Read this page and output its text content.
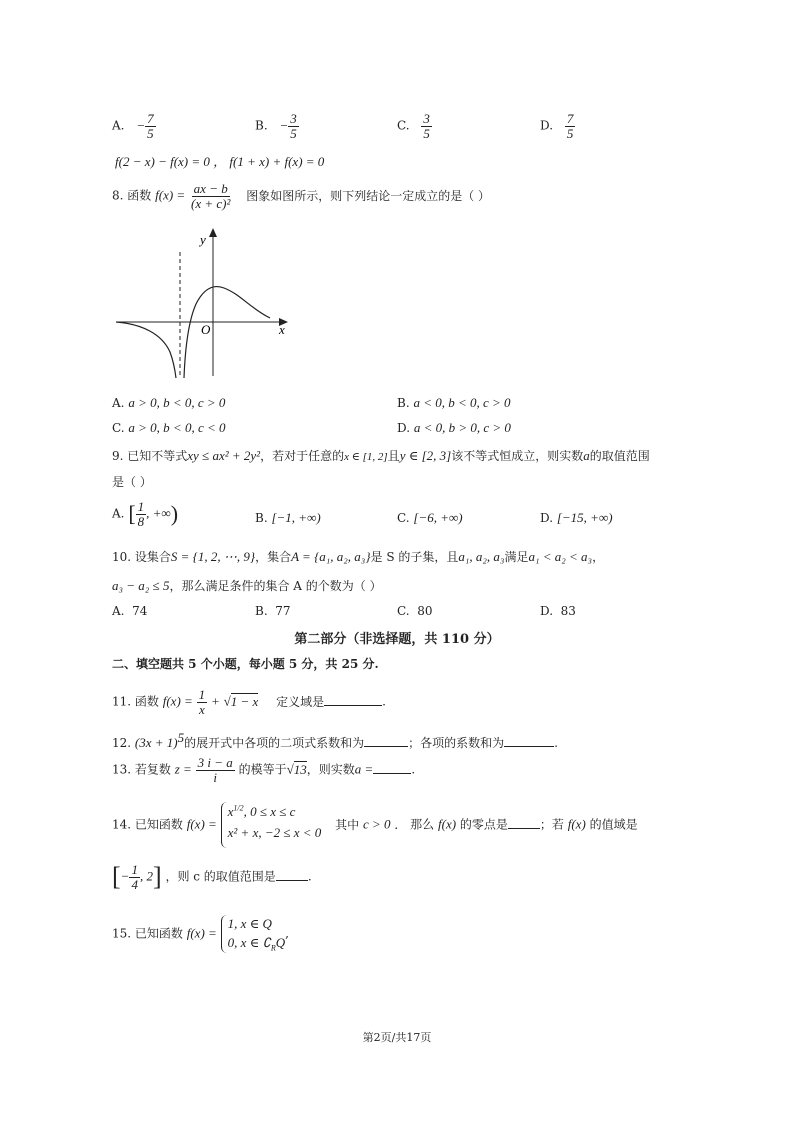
A. − $\frac{7}{5}$	B. − $\frac{3}{5}$	C. $\frac{3}{5}$	D. $\frac{7}{5}$
f(2 − x) − f(x) = 0 ， f(1 + x) + f(x) = 0
8. 函数 $f(x) = \frac{ax - b}{\text{(x + c)²}}$ 图象如图所示，则下列结论一定成立的是（ ）
y
x
O
A. a > 0, b < 0, c > 0	B. a < 0, b < 0, c > 0
C. a > 0, b < 0, c < 0	D. a < 0, b > 0, c > 0
9. 已知不等式xy ≤ ax² + 2y²，若对于任意的x ∈ [1, 2]且y ∈ [2, 3]该不等式恒成立，则实数a的取值范围
是（ ）
A. [ $\frac{1}{8}$ , +∞)	B. [−1, +∞)	C. [−6, +∞)	D. [−15, +∞)
10. 设集合S = {1, 2, ⋯, 9}，集合A = {a₁, a₂, a₃}是 S 的子集，且a₁, a₂, a₃满足a₁ < a₂ < a₃，
a₃ − a₂ ≤ 5，那么满足条件的集合 A 的个数为（ ）
A. 74	B. 77	C. 80	D. 83
第二部分（非选择题，共 110 分）
二、填空题共 5 个小题，每小题 5 分，共 25 分.
11. 函数 $f(x) = \frac{1}{x} + √1 - x$ 定义域是	.
12. $(3x + 1)^5$的展开式中各项的二项式系数和为	；各项的系数和为	.
13. 若复数 $z = \frac{3 i - a}{i}$ 的模等于√13，则实数a =	.
14. 已知函数 f(x) =
$x^{1/2}$, 0 ≤ x ≤ c
x² + x, −2 ≤ x < 0
其中 c > 0 ． 那么 f(x) 的零点是	；若 f(x) 的值域是
[− $\frac{1}{4}$ , 2] ，则 c 的取值范围是	.
15. 已知函数 f(x) =
1, x ∈ Q
0, x ∈ $∁_RQ$
,
第2页/共17页
